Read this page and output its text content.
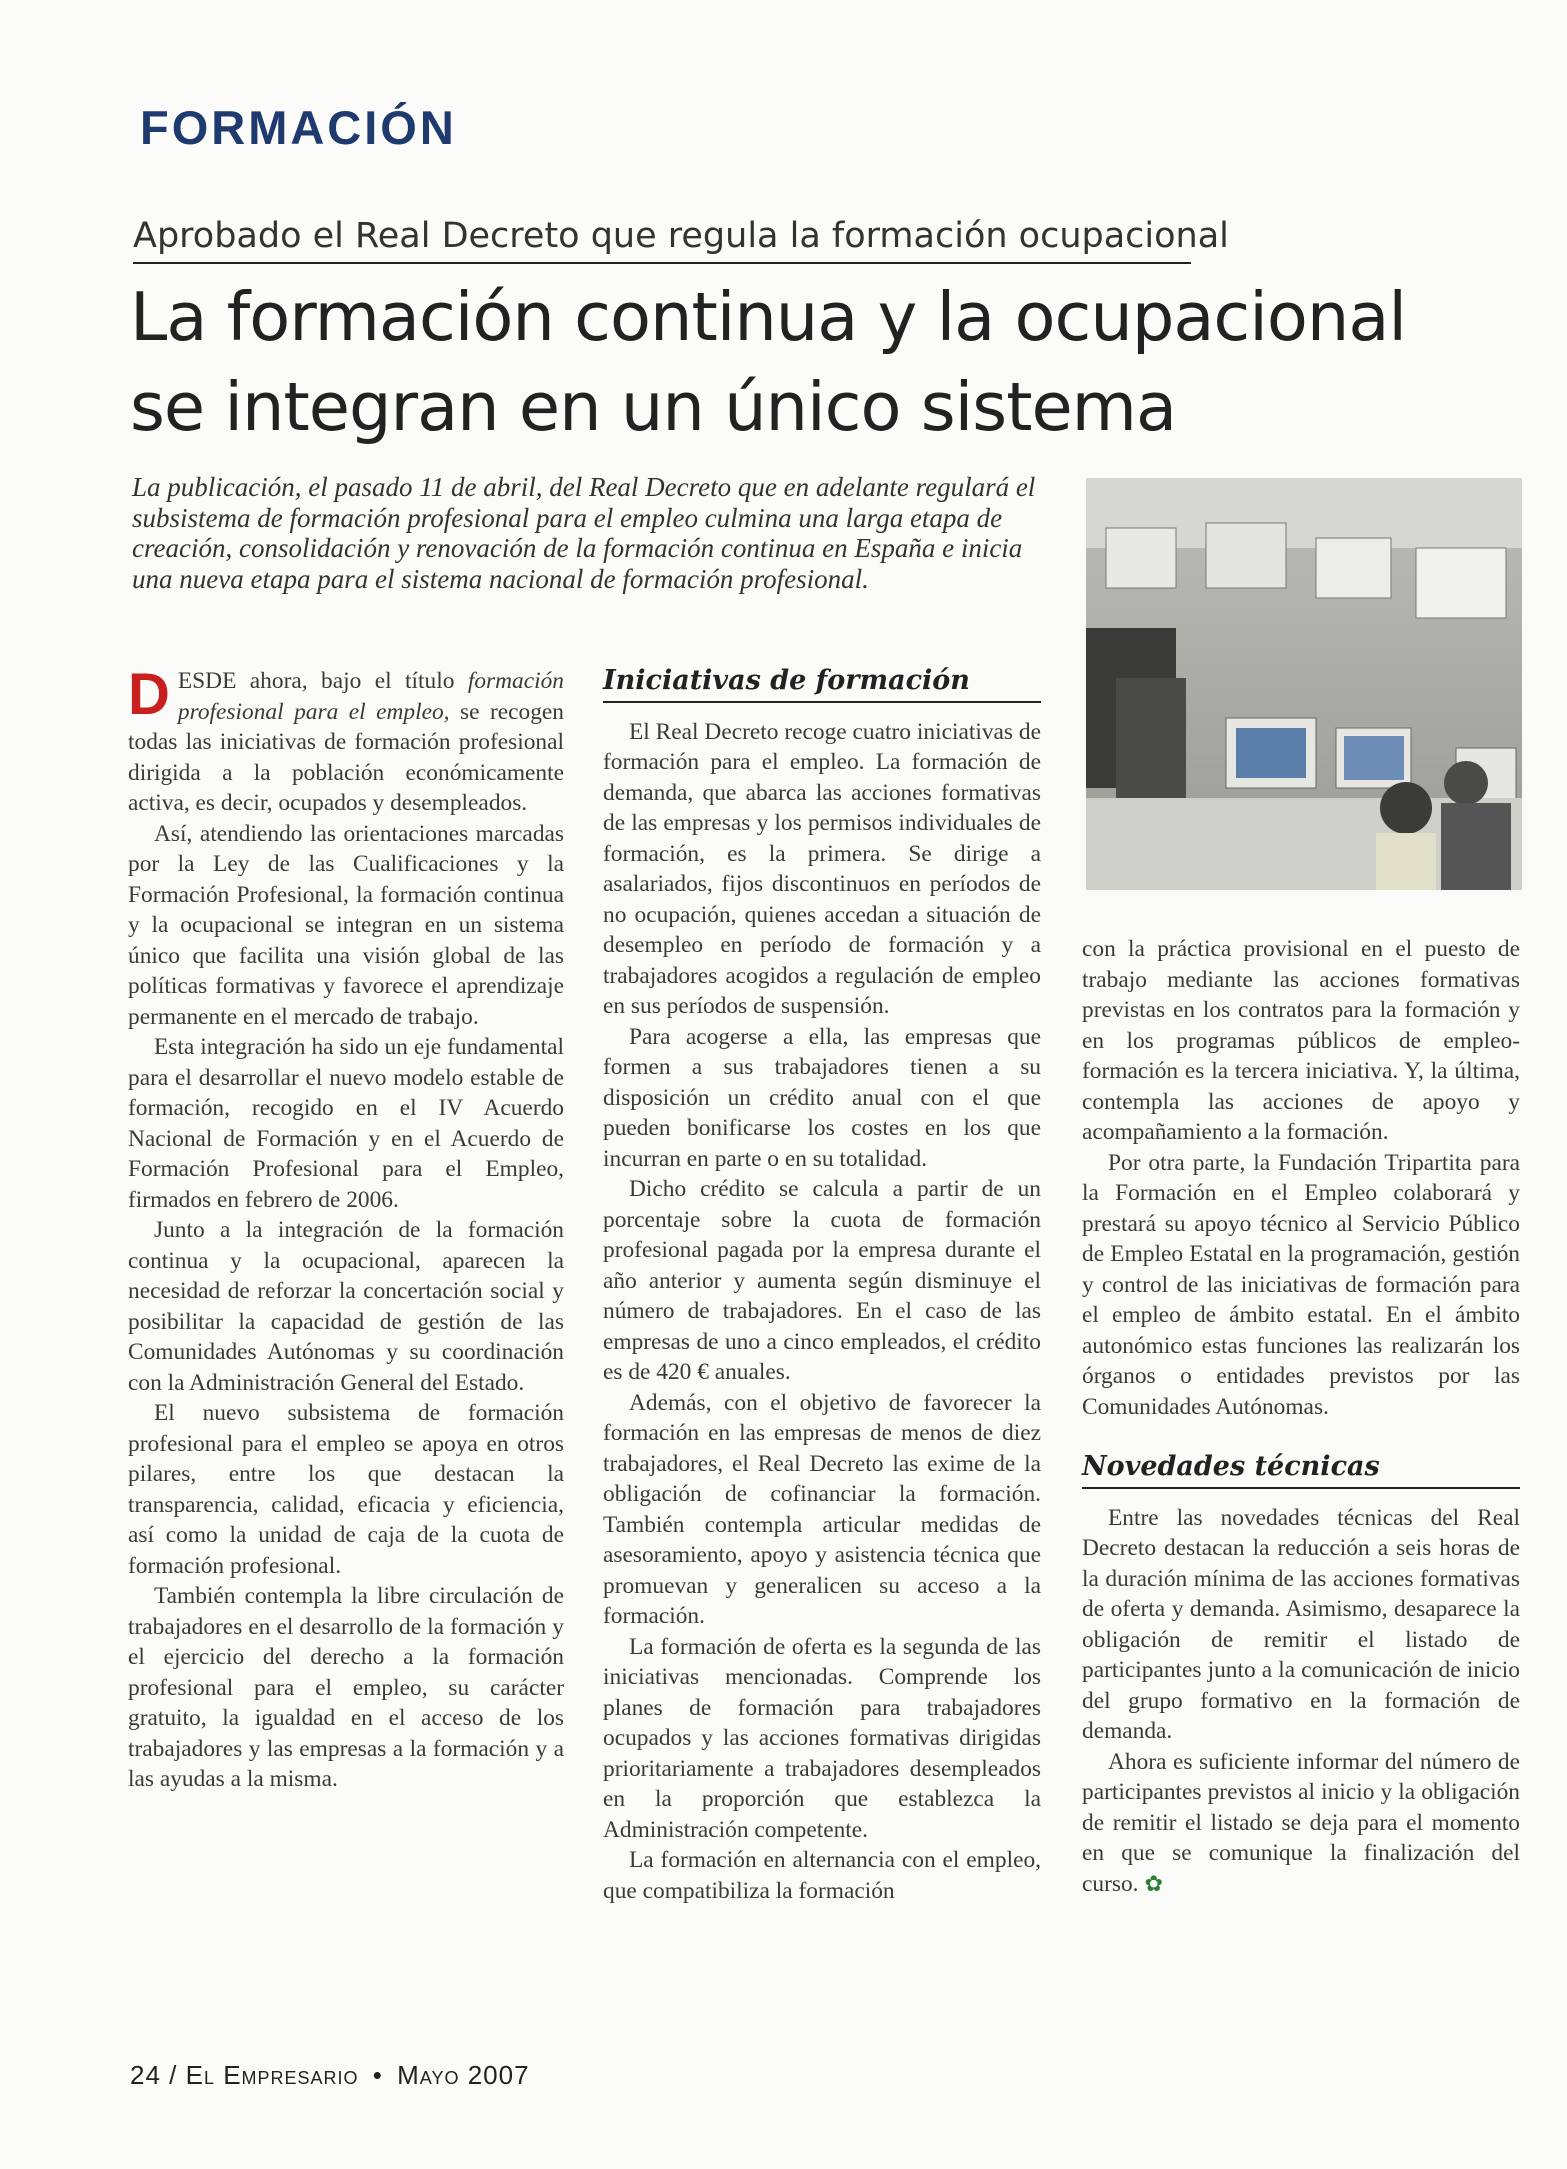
FORMACIÓN
Aprobado el Real Decreto que regula la formación ocupacional
La formación continua y la ocupacional
se integran en un único sistema

La publicación, el pasado 11 de abril, del Real Decreto que en adelante regulará el subsistema de formación profesional para el empleo culmina una larga etapa de creación, consolidación y renovación de la formación continua en España e inicia una nueva etapa para el sistema nacional de formación profesional.

DESDE ahora, bajo el título formación profesional para el empleo, se recogen todas las iniciativas de formación profesional dirigida a la población económicamente activa, es decir, ocupados y desempleados.

Así, atendiendo las orientaciones marcadas por la Ley de las Cualificaciones y la Formación Profesional, la formación continua y la ocupacional se integran en un sistema único que facilita una visión global de las políticas formativas y favorece el aprendizaje permanente en el mercado de trabajo.

Esta integración ha sido un eje fundamental para el desarrollar el nuevo modelo estable de formación, recogido en el IV Acuerdo Nacional de Formación y en el Acuerdo de Formación Profesional para el Empleo, firmados en febrero de 2006.

Junto a la integración de la formación continua y la ocupacional, aparecen la necesidad de reforzar la concertación social y posibilitar la capacidad de gestión de las Comunidades Autónomas y su coordinación con la Administración General del Estado.

El nuevo subsistema de formación profesional para el empleo se apoya en otros pilares, entre los que destacan la transparencia, calidad, eficacia y eficiencia, así como la unidad de caja de la cuota de formación profesional.

También contempla la libre circulación de trabajadores en el desarrollo de la formación y el ejercicio del derecho a la formación profesional para el empleo, su carácter gratuito, la igualdad en el acceso de los trabajadores y las empresas a la formación y a las ayudas a la misma.

Iniciativas de formación

El Real Decreto recoge cuatro iniciativas de formación para el empleo. La formación de demanda, que abarca las acciones formativas de las empresas y los permisos individuales de formación, es la primera. Se dirige a asalariados, fijos discontinuos en períodos de no ocupación, quienes accedan a situación de desempleo en período de formación y a trabajadores acogidos a regulación de empleo en sus períodos de suspensión.

Para acogerse a ella, las empresas que formen a sus trabajadores tienen a su disposición un crédito anual con el que pueden bonificarse los costes en los que incurran en parte o en su totalidad.

Dicho crédito se calcula a partir de un porcentaje sobre la cuota de formación profesional pagada por la empresa durante el año anterior y aumenta según disminuye el número de trabajadores. En el caso de las empresas de uno a cinco empleados, el crédito es de 420 € anuales.

Además, con el objetivo de favorecer la formación en las empresas de menos de diez trabajadores, el Real Decreto las exime de la obligación de cofinanciar la formación. También contempla articular medidas de asesoramiento, apoyo y asistencia técnica que promuevan y generalicen su acceso a la formación.

La formación de oferta es la segunda de las iniciativas mencionadas. Comprende los planes de formación para trabajadores ocupados y las acciones formativas dirigidas prioritariamente a trabajadores desempleados en la proporción que establezca la Administración competente.

La formación en alternancia con el empleo, que compatibiliza la formación

con la práctica provisional en el puesto de trabajo mediante las acciones formativas previstas en los contratos para la formación y en los programas públicos de empleo-formación es la tercera iniciativa. Y, la última, contempla las acciones de apoyo y acompañamiento a la formación.

Por otra parte, la Fundación Tripartita para la Formación en el Empleo colaborará y prestará su apoyo técnico al Servicio Público de Empleo Estatal en la programación, gestión y control de las iniciativas de formación para el empleo de ámbito estatal. En el ámbito autonómico estas funciones las realizarán los órganos o entidades previstos por las Comunidades Autónomas.

Novedades técnicas

Entre las novedades técnicas del Real Decreto destacan la reducción a seis horas de la duración mínima de las acciones formativas de oferta y demanda. Asimismo, desaparece la obligación de remitir el listado de participantes junto a la comunicación de inicio del grupo formativo en la formación de demanda.

Ahora es suficiente informar del número de participantes previstos al inicio y la obligación de remitir el listado se deja para el momento en que se comunique la finalización del curso. ✿

24 / El Empresario • Mayo 2007
